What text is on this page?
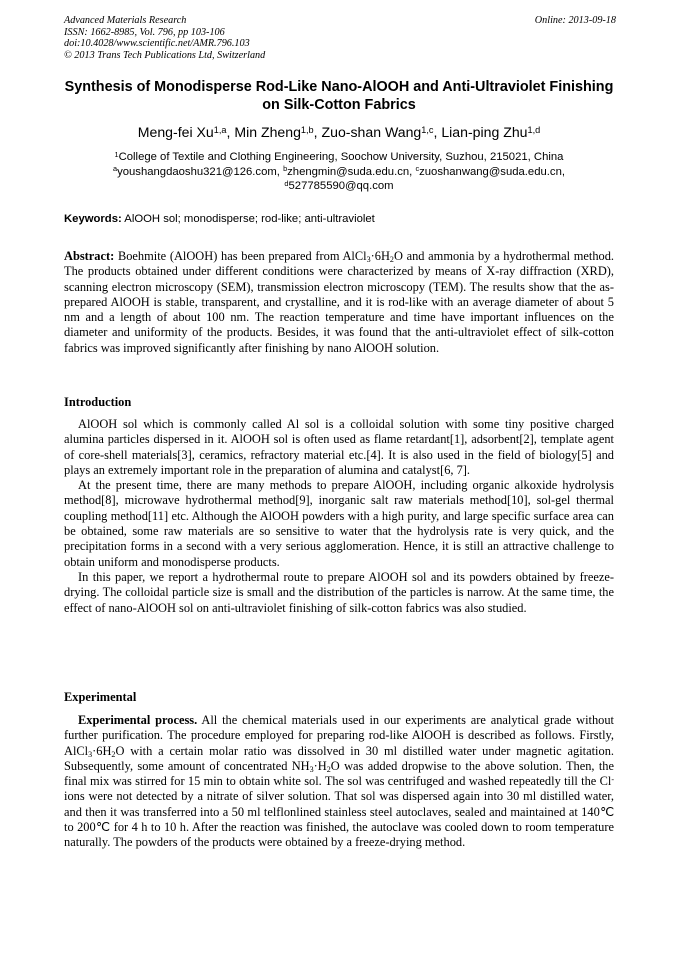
Advanced Materials Research
ISSN: 1662-8985, Vol. 796, pp 103-106
doi:10.4028/www.scientific.net/AMR.796.103
© 2013 Trans Tech Publications Ltd, Switzerland
Online: 2013-09-18
Synthesis of Monodisperse Rod-Like Nano-AlOOH and Anti-Ultraviolet Finishing on Silk-Cotton Fabrics
Meng-fei Xu$^{1,a}$, Min Zheng$^{1,b}$, Zuo-shan Wang$^{1,c}$, Lian-ping Zhu$^{1,d}$
$^1$College of Textile and Clothing Engineering, Soochow University, Suzhou, 215021, China
$^a$youshangdaoshu321@126.com, $^b$zhengmin@suda.edu.cn, $^c$zuoshanwang@suda.edu.cn,
$^d$527785590@qq.com
Keywords: AlOOH sol; monodisperse; rod-like; anti-ultraviolet

Abstract: Boehmite (AlOOH) has been prepared from $AlCl_3\cdot 6H_2O$ and ammonia by a hydrothermal method. The products obtained under different conditions were characterized by means of X-ray diffraction (XRD), scanning electron microscopy (SEM), transmission electron microscopy (TEM). The results show that the as-prepared AlOOH is stable, transparent, and crystalline, and it is rod-like with an average diameter of about 5 nm and a length of about 100 nm. The reaction temperature and time have important influences on the diameter and uniformity of the products. Besides, it was found that the anti-ultraviolet effect of silk-cotton fabrics was improved significantly after finishing by nano AlOOH solution.

Introduction

AlOOH sol which is commonly called Al sol is a colloidal solution with some tiny positive charged alumina particles dispersed in it. AlOOH sol is often used as flame retardant[1], adsorbent[2], template agent of core-shell materials[3], ceramics, refractory material etc.[4]. It is also used in the field of biology[5] and plays an extremely important role in the preparation of alumina and catalyst[6, 7].

At the present time, there are many methods to prepare AlOOH, including organic alkoxide hydrolysis method[8], microwave hydrothermal method[9], inorganic salt raw materials method[10], sol-gel thermal coupling method[11] etc. Although the AlOOH powders with a high purity, and large specific surface area can be obtained, some raw materials are so sensitive to water that the hydrolysis rate is very quick, and the precipitation forms in a second with a very serious agglomeration. Hence, it is still an attractive challenge to obtain uniform and monodisperse products.

In this paper, we report a hydrothermal route to prepare AlOOH sol and its powders obtained by freeze-drying. The colloidal particle size is small and the distribution of the particles is narrow. At the same time, the effect of nano-AlOOH sol on anti-ultraviolet finishing of silk-cotton fabrics was also studied.

Experimental

Experimental process. All the chemical materials used in our experiments are analytical grade without further purification. The procedure employed for preparing rod-like AlOOH is described as follows. Firstly, $AlCl_3\cdot 6H_2O$ with a certain molar ratio was dissolved in 30 ml distilled water under magnetic agitation. Subsequently, some amount of concentrated $NH_3\cdot H_2O$ was added dropwise to the above solution. Then, the final mix was stirred for 15 min to obtain white sol. The sol was centrifuged and washed repeatedly till the Cl- ions were not detected by a nitrate of silver solution. That sol was dispersed again into 30 ml distilled water, and then it was transferred into a 50 ml telflonlined stainless steel autoclaves, sealed and maintained at 140℃ to 200℃ for 4 h to 10 h. After the reaction was finished, the autoclave was cooled down to room temperature naturally. The powders of the products were obtained by a freeze-drying method.
